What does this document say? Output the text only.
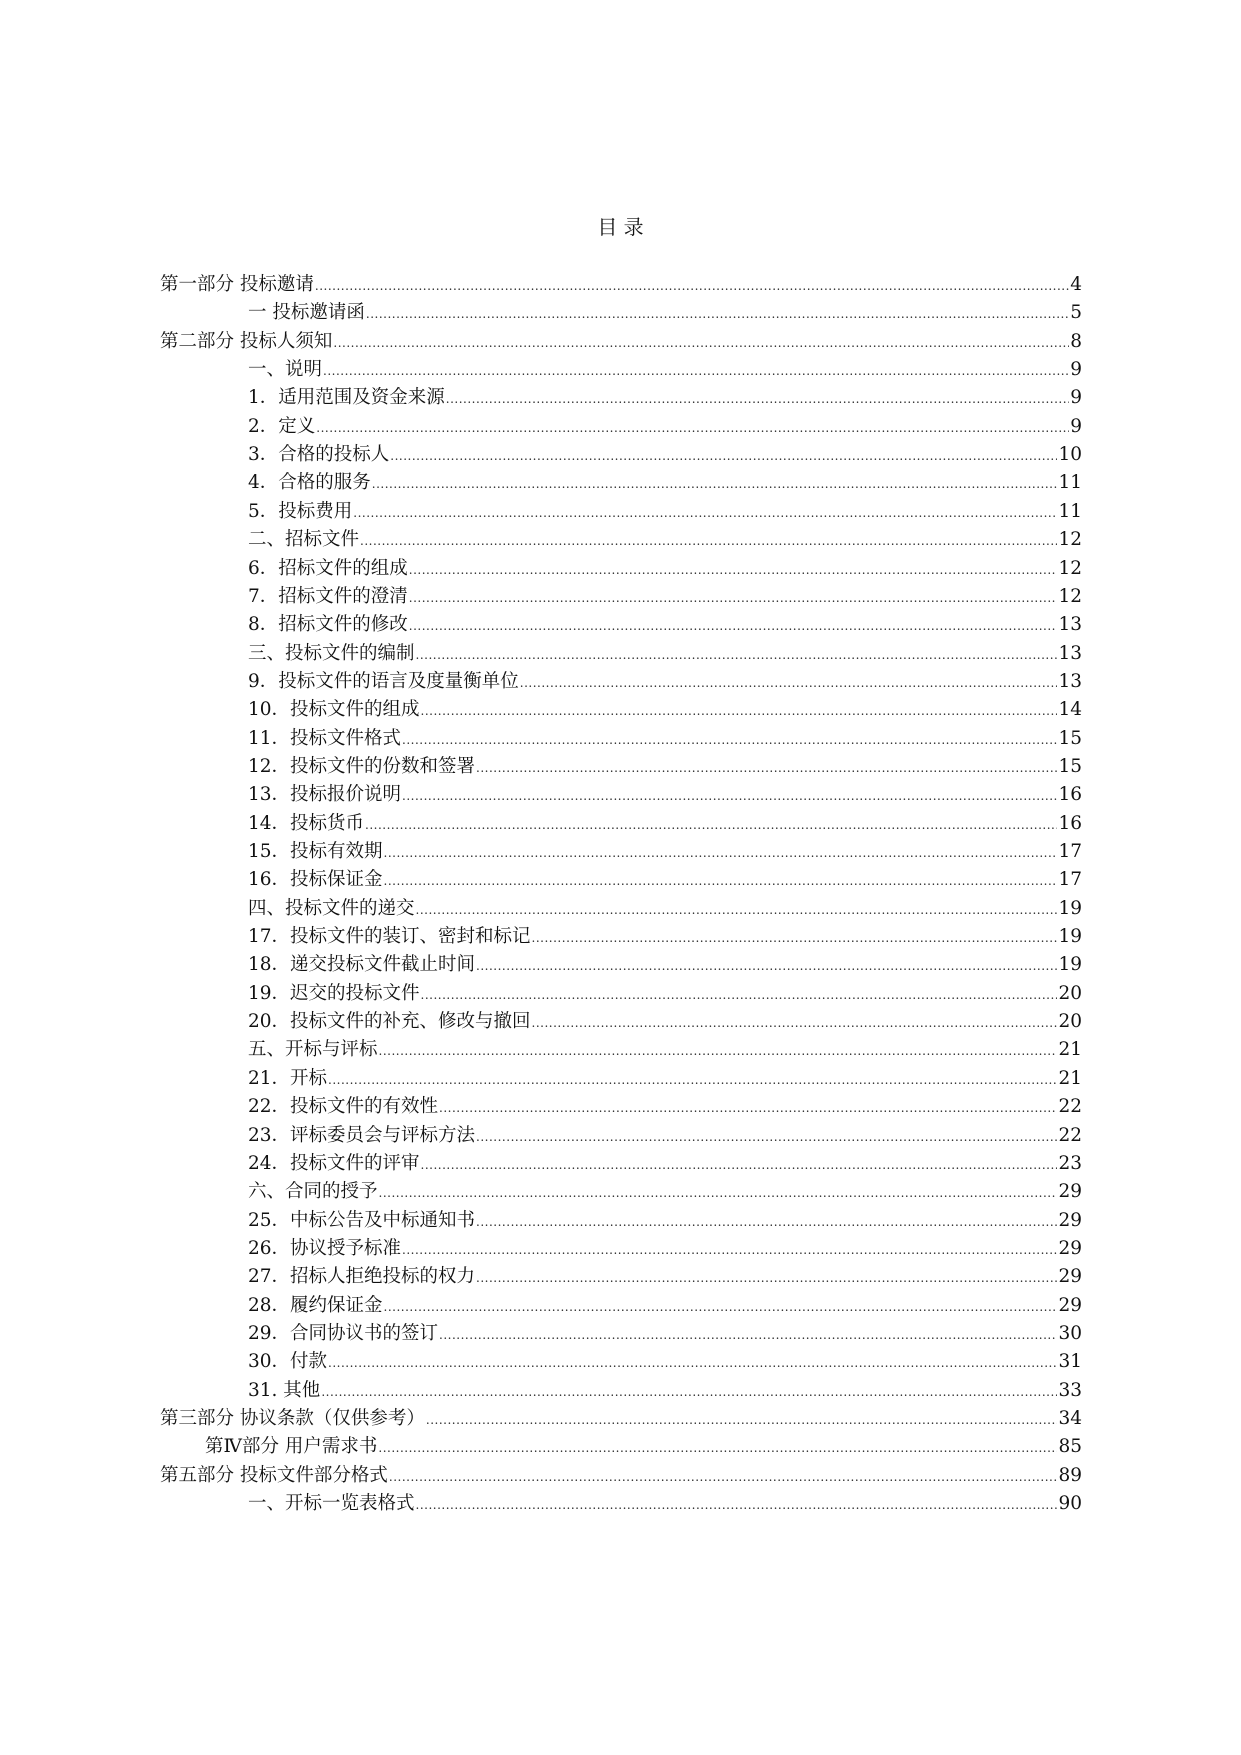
目 录
第一部分 投标邀请 .....	4
一 投标邀请函 .....	5
第二部分 投标人须知 .....	8
一、说明 .....	9
1．适用范围及资金来源 .....	9
2．定义 .....	9
3．合格的投标人 .....	10
4．合格的服务 .....	11
5．投标费用 .....	11
二、招标文件 .....	12
6．招标文件的组成 .....	12
7．招标文件的澄清 .....	12
8．招标文件的修改 .....	13
三、投标文件的编制 .....	13
9．投标文件的语言及度量衡单位 .....	13
10．投标文件的组成 .....	14
11．投标文件格式 .....	15
12．投标文件的份数和签署 .....	15
13．投标报价说明 .....	16
14．投标货币 .....	16
15．投标有效期 .....	17
16．投标保证金 .....	17
四、投标文件的递交 .....	19
17．投标文件的装订、密封和标记 .....	19
18．递交投标文件截止时间 .....	19
19．迟交的投标文件 .....	20
20．投标文件的补充、修改与撤回 .....	20
五、开标与评标 .....	21
21．开标 .....	21
22．投标文件的有效性 .....	22
23．评标委员会与评标方法 .....	22
24．投标文件的评审 .....	23
六、合同的授予 .....	29
25．中标公告及中标通知书 .....	29
26．协议授予标准 .....	29
27．招标人拒绝投标的权力 .....	29
28．履约保证金 .....	29
29．合同协议书的签订 .....	30
30．付款 .....	31
31. 其他 .....	33
第三部分 协议条款（仅供参考） .....	34
第Ⅳ部分 用户需求书 .....	85
第五部分 投标文件部分格式 .....	89
一、开标一览表格式 .....	90
